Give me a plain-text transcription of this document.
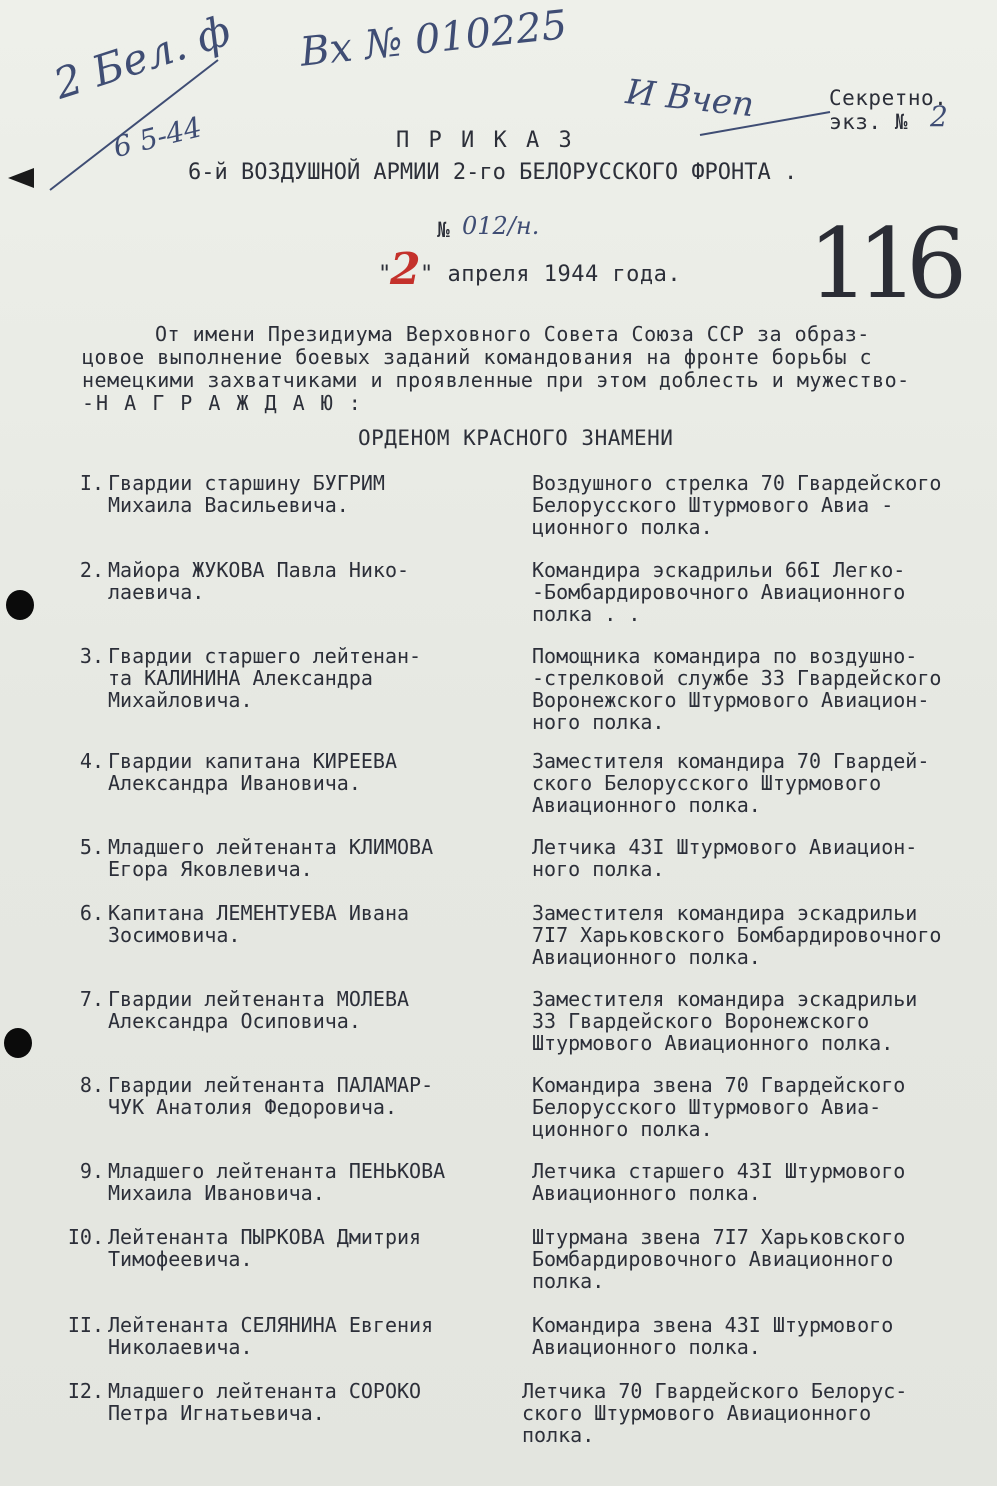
2 Бел. ф
6 5-44
Вх № 010225
И Вчеп
116
Секретно.
экз. № 2
П Р И К А З
6-й ВОЗДУШНОЙ АРМИИ 2-го БЕЛОРУССКОГО ФРОНТА .
№ 012/н.
"
2 " апреля 1944 года.
От имени Президиума Верховного Совета Союза ССР за образ-
цовое выполнение боевых заданий командования на фронте борьбы с
немецкими захватчиками и проявленные при этом доблесть и мужество-
-Н А Г Р А Ж Д А Ю :
ОРДЕНОМ КРАСНОГО ЗНАМЕНИ
I. Гвардии старшину БУГРИМ
Михаила Васильевича.
Воздушного стрелка 70 Гвардейского
Белорусского Штурмового Авиа -
ционного полка.
2. Майора ЖУКОВА Павла Нико-
лаевича.
Командира эскадрильи 66I Легко-
-Бомбардировочного Авиационного
полка . .
3. Гвардии старшего лейтенан-
та КАЛИНИНА Александра
Михайловича.
Помощника командира по воздушно-
-стрелковой службе 33 Гвардейского
Воронежского Штурмового Авиацион-
ного полка.
4. Гвардии капитана КИРЕЕВА
Александра Ивановича.
Заместителя командира 70 Гвардей-
ского Белорусского Штурмового
Авиационного полка.
5. Младшего лейтенанта КЛИМОВА
Егора Яковлевича.
Летчика 43I Штурмового Авиацион-
ного полка.
6. Капитана ЛЕМЕНТУЕВА Ивана
Зосимовича.
Заместителя командира эскадрильи
7I7 Харьковского Бомбардировочного
Авиационного полка.
7. Гвардии лейтенанта МОЛЕВА
Александра Осиповича.
Заместителя командира эскадрильи
33 Гвардейского Воронежского
Штурмового Авиационного полка.
8. Гвардии лейтенанта ПАЛАМАР-
ЧУК Анатолия Федоровича.
Командира звена 70 Гвардейского
Белорусского Штурмового Авиа-
ционного полка.
9. Младшего лейтенанта ПЕНЬКОВА
Михаила Ивановича.
Летчика старшего 43I Штурмового
Авиационного полка.
I0. Лейтенанта ПЫРКОВА Дмитрия
Тимофеевича.
Штурмана звена 7I7 Харьковского
Бомбардировочного Авиационного
полка.
II. Лейтенанта СЕЛЯНИНА Евгения
Николаевича.
Командира звена 43I Штурмового
Авиационного полка.
I2. Младшего лейтенанта СОРОКО
Петра Игнатьевича.
Летчика 70 Гвардейского Белорус-
ского Штурмового Авиационного
полка.
